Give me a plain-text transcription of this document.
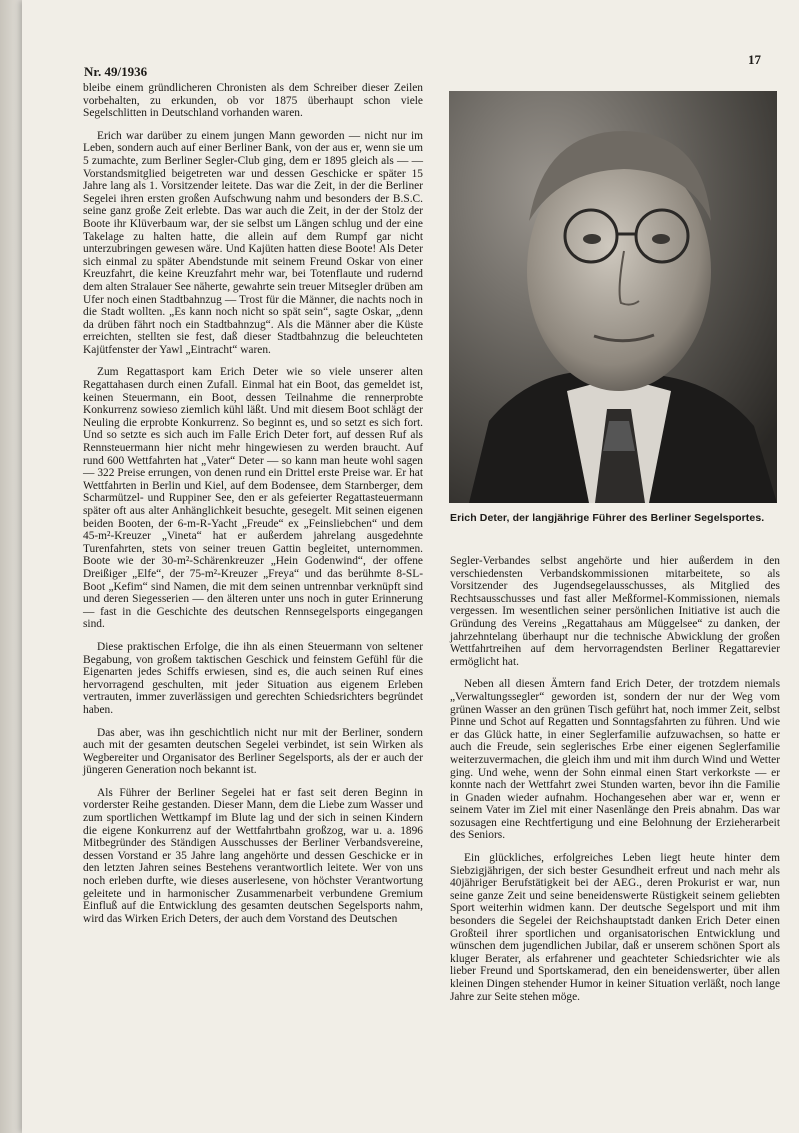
Nr. 49/1936
17

bleibe einem gründlicheren Chronisten als dem Schreiber dieser Zeilen vorbehalten, zu erkunden, ob vor 1875 überhaupt schon viele Segelschlitten in Deutschland vorhanden waren.

Erich war darüber zu einem jungen Mann geworden — nicht nur im Leben, sondern auch auf einer Berliner Bank, von der aus er, wenn sie um 5 zumachte, zum Berliner Segler-Club ging, dem er 1895 gleich als — — Vorstandsmitglied beigetreten war und dessen Geschicke er später 15 Jahre lang als 1. Vorsitzender leitete. Das war die Zeit, in der die Berliner Segelei ihren ersten großen Aufschwung nahm und besonders der B.S.C. seine ganz große Zeit erlebte. Das war auch die Zeit, in der der Stolz der Boote ihr Klüverbaum war, der sie selbst um Längen schlug und der eine Takelage zu halten hatte, die allein auf dem Rumpf gar nicht unterzubringen gewesen wäre. Und Kajüten hatten diese Boote! Als Deter sich einmal zu später Abendstunde mit seinem Freund Oskar von einer Kreuzfahrt, die keine Kreuzfahrt mehr war, bei Totenflaute und rudernd dem alten Stralauer See näherte, gewahrte sein treuer Mitsegler drüben am Ufer noch einen Stadtbahnzug — Trost für die Männer, die nachts noch in die Stadt wollten. „Es kann noch nicht so spät sein“, sagte Oskar, „denn da drüben fährt noch ein Stadtbahnzug“. Als die Männer aber die Küste erreichten, stellten sie fest, daß dieser Stadtbahnzug die beleuchteten Kajütfenster der Yawl „Eintracht“ waren.

Zum Regattasport kam Erich Deter wie so viele unserer alten Regattahasen durch einen Zufall. Einmal hat ein Boot, das gemeldet ist, keinen Steuermann, ein Boot, dessen Teilnahme die rennerprobte Konkurrenz sowieso ziemlich kühl läßt. Und mit diesem Boot schlägt der Neuling die erprobte Konkurrenz. So beginnt es, und so setzt es sich fort. Und so setzte es sich auch im Falle Erich Deter fort, auf dessen Ruf als Rennsteuermann hier nicht mehr hingewiesen zu werden braucht. Auf rund 600 Wettfahrten hat „Vater“ Deter — so kann man heute wohl sagen — 322 Preise errungen, von denen rund ein Drittel erste Preise war. Er hat Wettfahrten in Berlin und Kiel, auf dem Bodensee, dem Starnberger, dem Scharmützel- und Ruppiner See, den er als gefeierter Regattasteuermann später oft aus alter Anhänglichkeit besuchte, gesegelt. Mit seinen eigenen beiden Booten, der 6-m-R-Yacht „Freude“ ex „Feinsliebchen“ und dem 45-m²-Kreuzer „Vineta“ hat er außerdem jahrelang ausgedehnte Turenfahrten, stets von seiner treuen Gattin begleitet, unternommen. Boote wie der 30-m²-Schärenkreuzer „Hein Godenwind“, der offene Dreißiger „Elfe“, der 75-m²-Kreuzer „Freya“ und das berühmte 8-SL-Boot „Kefim“ sind Namen, die mit dem seinen untrennbar verknüpft sind und deren Siegesserien — den älteren unter uns noch in guter Erinnerung — fast in die Geschichte des deutschen Rennsegelsports eingegangen sind.

Diese praktischen Erfolge, die ihn als einen Steuermann von seltener Begabung, von großem taktischen Geschick und feinstem Gefühl für die Eigenarten jedes Schiffs erwiesen, sind es, die auch seinen Ruf eines hervorragend geschulten, mit jeder Situation aus eigenem Erleben vertrauten, immer zuverlässigen und gerechten Schiedsrichters begründet haben.

Das aber, was ihn geschichtlich nicht nur mit der Berliner, sondern auch mit der gesamten deutschen Segelei verbindet, ist sein Wirken als Wegbereiter und Organisator des Berliner Segelsports, als der er auch der jüngeren Generation noch bekannt ist.

Als Führer der Berliner Segelei hat er fast seit deren Beginn in vorderster Reihe gestanden. Dieser Mann, dem die Liebe zum Wasser und zum sportlichen Wettkampf im Blute lag und der sich in seinen Kindern die eigene Konkurrenz auf der Wettfahrtbahn großzog, war u. a. 1896 Mitbegründer des Ständigen Ausschusses der Berliner Verbandsvereine, dessen Vorstand er 35 Jahre lang angehörte und dessen Geschicke er in den letzten Jahren seines Bestehens verantwortlich leitete. Wer von uns noch erleben durfte, wie dieses auserlesene, von höchster Verantwortung geleitete und in harmonischer Zusammenarbeit verbundene Gremium Einfluß auf die Entwicklung des gesamten deutschen Segelsports nahm, wird das Wirken Erich Deters, der auch dem Vorstand des Deutschen

Erich Deter, der langjährige Führer des Berliner Segelsportes.

Segler-Verbandes selbst angehörte und hier außerdem in den verschiedensten Verbandskommissionen mitarbeitete, so als Vorsitzender des Jugendsegelausschusses, als Mitglied des Rechtsausschusses und fast aller Meßformel-Kommissionen, niemals vergessen. Im wesentlichen seiner persönlichen Initiative ist auch die Gründung des Vereins „Regattahaus am Müggelsee“ zu danken, der jahrzehntelang überhaupt nur die technische Abwicklung der großen Wettfahrtreihen auf dem hervorragendsten Berliner Regattarevier ermöglicht hat.

Neben all diesen Ämtern fand Erich Deter, der trotzdem niemals „Verwaltungssegler“ geworden ist, sondern der nur der Weg vom grünen Wasser an den grünen Tisch geführt hat, noch immer Zeit, selbst Pinne und Schot auf Regatten und Sonntagsfahrten zu führen. Und wie er das Glück hatte, in einer Seglerfamilie aufzuwachsen, so hatte er auch die Freude, sein seglerisches Erbe einer eigenen Seglerfamilie weiterzuvermachen, die gleich ihm und mit ihm durch Wind und Wetter ging. Und wehe, wenn der Sohn einmal einen Start verkorkste — er konnte nach der Wettfahrt zwei Stunden warten, bevor ihn die Familie in Gnaden wieder aufnahm. Hochangesehen aber war er, wenn er seinem Vater im Ziel mit einer Nasenlänge den Preis abnahm. Das war sozusagen eine Rechtfertigung und eine Belohnung der Erzieherarbeit des Seniors.

Ein glückliches, erfolgreiches Leben liegt heute hinter dem Siebzigjährigen, der sich bester Gesundheit erfreut und nach mehr als 40jähriger Berufstätigkeit bei der AEG., deren Prokurist er war, nun seine ganze Zeit und seine beneidenswerte Rüstigkeit seinem geliebten Sport weiterhin widmen kann. Der deutsche Segelsport und mit ihm besonders die Segelei der Reichshauptstadt danken Erich Deter einen Großteil ihrer sportlichen und organisatorischen Entwicklung und wünschen dem jugendlichen Jubilar, daß er unserem schönen Sport als kluger Berater, als erfahrener und geachteter Schiedsrichter wie als lieber Freund und Sportskamerad, den ein beneidenswerter, über allen kleinen Dingen stehender Humor in keiner Situation verläßt, noch lange Jahre zur Seite stehen möge.
